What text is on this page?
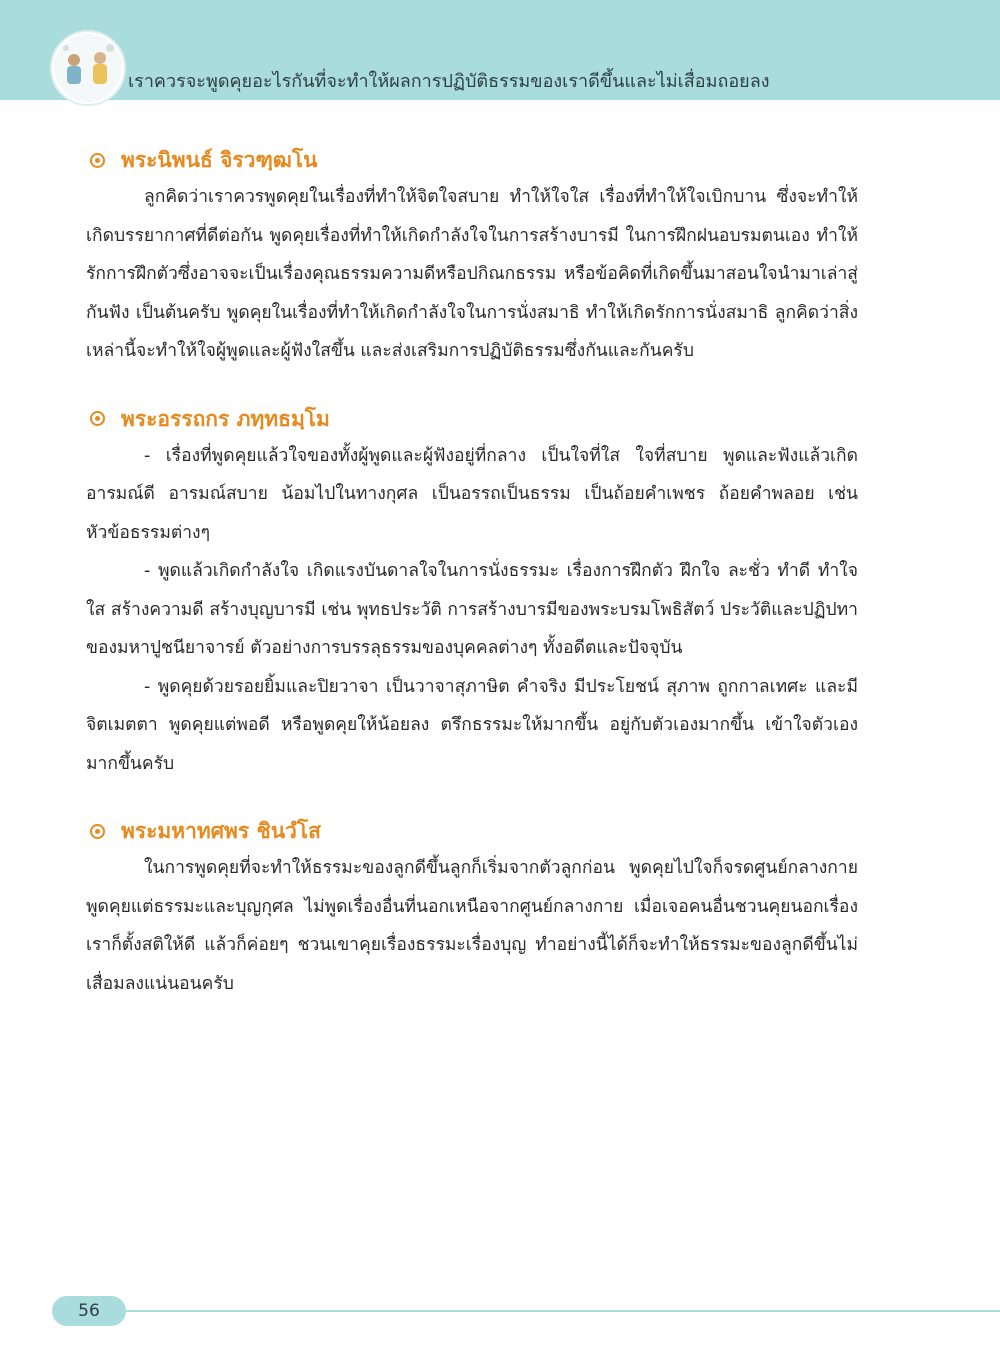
เราควรจะพูดคุยอะไรกันที่จะทำให้ผลการปฏิบัติธรรมของเราดีขึ้นและไม่เสื่อมถอยลง
พระนิพนธ์ จิรวฑฺฒโน

ลูกคิดว่าเราควรพูดคุยในเรื่องที่ทำให้จิตใจสบาย ทำให้ใจใส เรื่องที่ทำให้ใจเบิกบาน ซึ่งจะทำให้เกิดบรรยากาศที่ดีต่อกัน พูดคุยเรื่องที่ทำให้เกิดกำลังใจในการสร้างบารมี ในการฝึกฝนอบรมตนเอง ทำให้รักการฝึกตัวซึ่งอาจจะเป็นเรื่องคุณธรรมความดีหรือปกิณกธรรม หรือข้อคิดที่เกิดขึ้นมาสอนใจนำมาเล่าสู่กันฟัง เป็นต้นครับ พูดคุยในเรื่องที่ทำให้เกิดกำลังใจในการนั่งสมาธิ ทำให้เกิดรักการนั่งสมาธิ ลูกคิดว่าสิ่งเหล่านี้จะทำให้ใจผู้พูดและผู้ฟังใสขึ้น และส่งเสริมการปฏิบัติธรรมซึ่งกันและกันครับ

พระอรรถกร ภทฺทธมฺโม

- เรื่องที่พูดคุยแล้วใจของทั้งผู้พูดและผู้ฟังอยู่ที่กลาง เป็นใจที่ใส ใจที่สบาย พูดและฟังแล้วเกิดอารมณ์ดี อารมณ์สบาย น้อมไปในทางกุศล เป็นอรรถเป็นธรรม เป็นถ้อยคำเพชร ถ้อยคำพลอย เช่น หัวข้อธรรมต่างๆ

- พูดแล้วเกิดกำลังใจ เกิดแรงบันดาลใจในการนั่งธรรมะ เรื่องการฝึกตัว ฝึกใจ ละชั่ว ทำดี ทำใจใส สร้างความดี สร้างบุญบารมี เช่น พุทธประวัติ การสร้างบารมีของพระบรมโพธิสัตว์ ประวัติและปฏิปทาของมหาปูชนียาจารย์ ตัวอย่างการบรรลุธรรมของบุคคลต่างๆ ทั้งอดีตและปัจจุบัน

- พูดคุยด้วยรอยยิ้มและปิยวาจา เป็นวาจาสุภาษิต คำจริง มีประโยชน์ สุภาพ ถูกกาลเทศะ และมีจิตเมตตา พูดคุยแต่พอดี หรือพูดคุยให้น้อยลง ตรึกธรรมะให้มากขึ้น อยู่กับตัวเองมากขึ้น เข้าใจตัวเองมากขึ้นครับ

พระมหาทศพร ชินวํโส

ในการพูดคุยที่จะทำให้ธรรมะของลูกดีขึ้นลูกก็เริ่มจากตัวลูกก่อน พูดคุยไปใจก็จรดศูนย์กลางกาย พูดคุยแต่ธรรมะและบุญกุศล ไม่พูดเรื่องอื่นที่นอกเหนือจากศูนย์กลางกาย เมื่อเจอคนอื่นชวนคุยนอกเรื่องเราก็ตั้งสติให้ดี แล้วก็ค่อยๆ ชวนเขาคุยเรื่องธรรมะเรื่องบุญ ทำอย่างนี้ได้ก็จะทำให้ธรรมะของลูกดีขึ้นไม่เสื่อมลงแน่นอนครับ

56
